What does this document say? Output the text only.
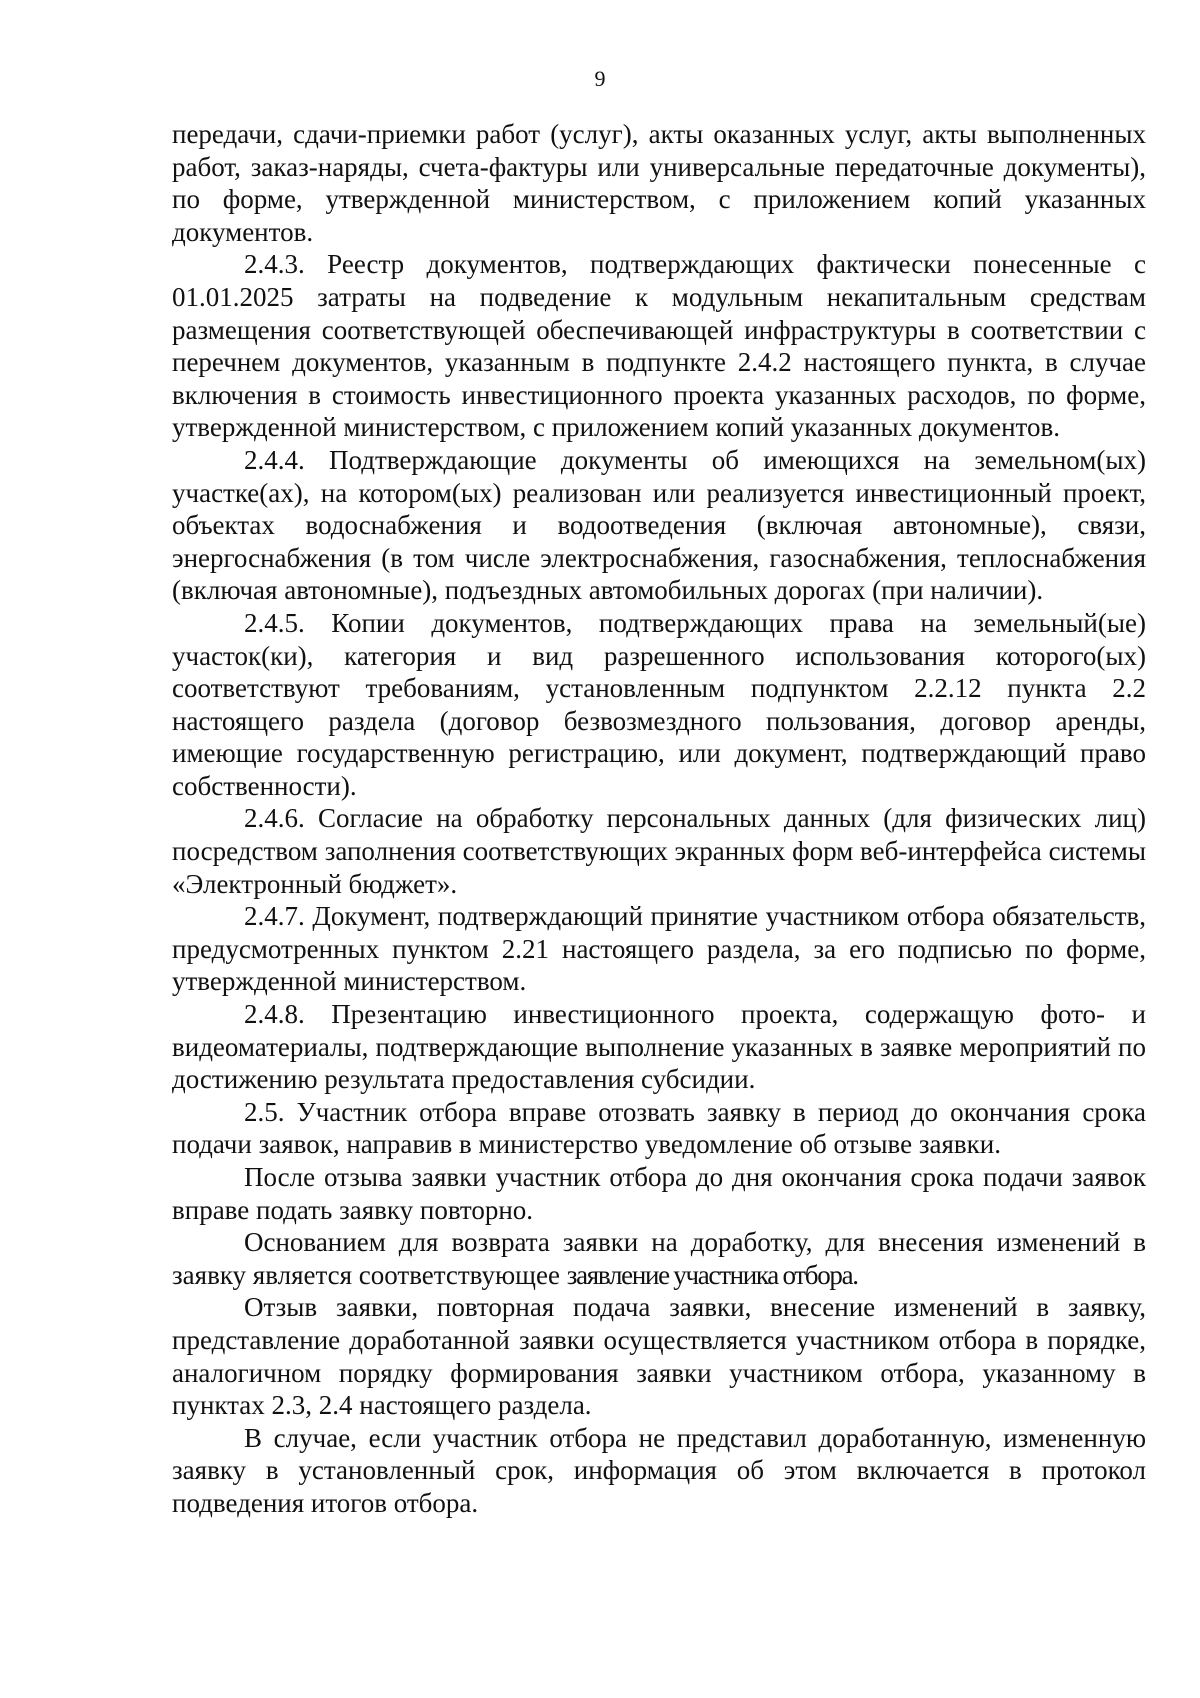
9

передачи, сдачи-приемки работ (услуг), акты оказанных услуг, акты выполненных работ, заказ-наряды, счета-фактуры или универсальные передаточные документы), по форме, утвержденной министерством, с приложением копий указанных документов.

2.4.3. Реестр документов, подтверждающих фактически понесенные с 01.01.2025 затраты на подведение к модульным некапитальным средствам размещения соответствующей обеспечивающей инфраструктуры в соответствии с перечнем документов, указанным в подпункте 2.4.2 настоящего пункта, в случае включения в стоимость инвестиционного проекта указанных расходов, по форме, утвержденной министерством, с приложением копий указанных документов.

2.4.4. Подтверждающие документы об имеющихся на земельном(ых) участке(ах), на котором(ых) реализован или реализуется инвестиционный проект, объектах водоснабжения и водоотведения (включая автономные), связи, энергоснабжения (в том числе электроснабжения, газоснабжения, теплоснабжения (включая автономные), подъездных автомобильных дорогах (при наличии).

2.4.5. Копии документов, подтверждающих права на земельный(ые) участок(ки), категория и вид разрешенного использования которого(ых) соответствуют требованиям, установленным подпунктом 2.2.12 пункта 2.2 настоящего раздела (договор безвозмездного пользования, договор аренды, имеющие государственную регистрацию, или документ, подтверждающий право собственности).

2.4.6. Согласие на обработку персональных данных (для физических лиц) посредством заполнения соответствующих экранных форм веб-интерфейса системы «Электронный бюджет».

2.4.7. Документ, подтверждающий принятие участником отбора обязательств, предусмотренных пунктом 2.21 настоящего раздела, за его подписью по форме, утвержденной министерством.

2.4.8. Презентацию инвестиционного проекта, содержащую фото- и видеоматериалы, подтверждающие выполнение указанных в заявке мероприятий по достижению результата предоставления субсидии.

2.5. Участник отбора вправе отозвать заявку в период до окончания срока подачи заявок, направив в министерство уведомление об отзыве заявки.

После отзыва заявки участник отбора до дня окончания срока подачи заявок вправе подать заявку повторно.

Основанием для возврата заявки на доработку, для внесения изменений в заявку является соответствующее заявление участника отбора.

Отзыв заявки, повторная подача заявки, внесение изменений в заявку, представление доработанной заявки осуществляется участником отбора в порядке, аналогичном порядку формирования заявки участником отбора, указанному в пунктах 2.3, 2.4 настоящего раздела.

В случае, если участник отбора не представил доработанную, измененную заявку в установленный срок, информация об этом включается в протокол подведения итогов отбора.
